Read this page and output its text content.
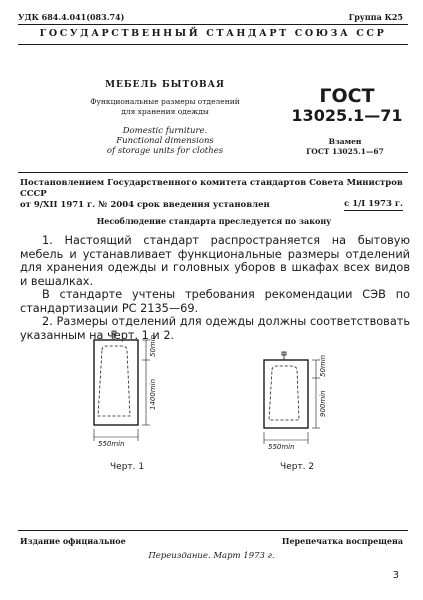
УДК 684.4.041(083.74)	Группа К25
ГОСУДАРСТВЕННЫЙ СТАНДАРТ СОЮЗА ССР
МЕБЕЛЬ БЫТОВАЯ
Функциональные размеры отделений
для хранения одежды
Domestic furniture.
Functional dimensions
of storage units for clothes
ГОСТ
13025.1—71
Взамен
ГОСТ 13025.1—67
Постановлением Государственного комитета стандартов Совета Министров СССР
от 9/XII 1971 г. № 2004 срок введения установлен	с 1/I 1973 г.
Несоблюдение стандарта преследуется по закону

1. Настоящий стандарт распространяется на бытовую мебель и устанавливает функциональные размеры отделений для хранения одежды и головных уборов в шкафах всех видов и вешалках.

В стандарте учтены требования рекомендации СЭВ по стандартизации РС 2135—69.

2. Размеры отделений для одежды должны соответствовать указанным на черт. 1 и 2.

50min
1400min
550min
Черт. 1
50min
900min
550min
Черт. 2
Издание официальное	Перепечатка воспрещена
Переиздание. Март 1973 г.
3
